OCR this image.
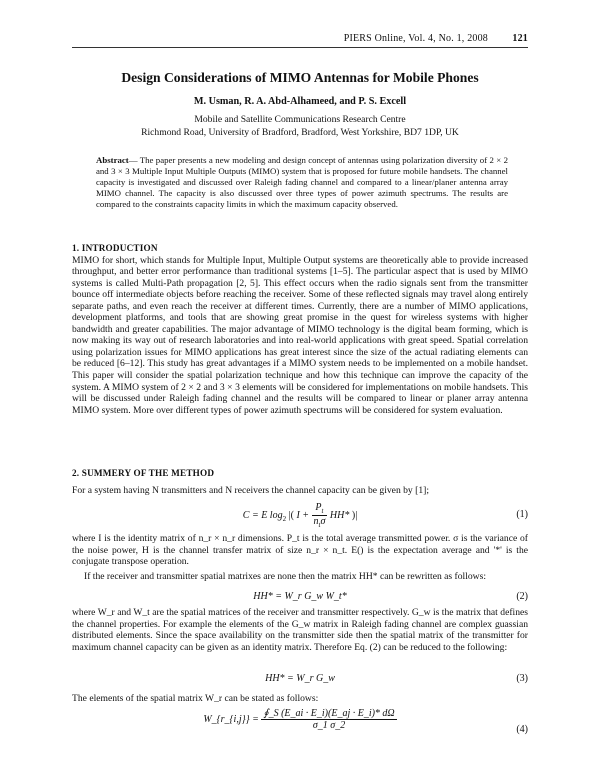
PIERS Online, Vol. 4, No. 1, 2008 121
Design Considerations of MIMO Antennas for Mobile Phones
M. Usman, R. A. Abd-Alhameed, and P. S. Excell
Mobile and Satellite Communications Research Centre
Richmond Road, University of Bradford, Bradford, West Yorkshire, BD7 1DP, UK
Abstract— The paper presents a new modeling and design concept of antennas using polarization diversity of 2 × 2 and 3 × 3 Multiple Input Multiple Outputs (MIMO) system that is proposed for future mobile handsets. The channel capacity is investigated and discussed over Raleigh fading channel and compared to a linear/planer antenna array MIMO channel. The capacity is also discussed over three types of power azimuth spectrums. The results are compared to the constraints capacity limits in which the maximum capacity observed.
1. INTRODUCTION
MIMO for short, which stands for Multiple Input, Multiple Output systems are theoretically able to provide increased throughput, and better error performance than traditional systems [1–5]. The particular aspect that is used by MIMO systems is called Multi-Path propagation [2, 5]. This effect occurs when the radio signals sent from the transmitter bounce off intermediate objects before reaching the receiver. Some of these reflected signals may travel along entirely separate paths, and even reach the receiver at different times. Currently, there are a number of MIMO applications, development platforms, and tools that are showing great promise in the quest for wireless systems with higher bandwidth and greater capabilities. The major advantage of MIMO technology is the digital beam forming, which is now making its way out of research laboratories and into real-world applications with great speed. Spatial correlation using polarization issues for MIMO applications has great interest since the size of the actual radiating elements can be reduced [6–12]. This study has great advantages if a MIMO system needs to be implemented on a mobile handset. This paper will consider the spatial polarization technique and how this technique can improve the capacity of the system. A MIMO system of 2 × 2 and 3 × 3 elements will be considered for implementations on mobile handsets. This will be discussed under Raleigh fading channel and the results will be compared to linear or planer array antenna MIMO system. More over different types of power azimuth spectrums will be considered for system evaluation.
2. SUMMERY OF THE METHOD
For a system having N transmitters and N receivers the channel capacity can be given by [1];
C = E $\log_2$ |( $I + \frac{P_t}{n_t\sigma} HH*$ )|	(1)
where I is the identity matrix of n_r × n_r dimensions. P_t is the total average transmitted power. σ is the variance of the noise power, H is the channel transfer matrix of size n_r × n_t. E() is the expectation average and '*' is the conjugate transpose operation.
If the receiver and transmitter spatial matrixes are none then the matrix HH* can be rewritten as follows:
HH* = W_r G_w W_t*	(2)
where W_r and W_t are the spatial matrices of the receiver and transmitter respectively. G_w is the matrix that defines the channel properties. For example the elements of the G_w matrix in Raleigh fading channel are complex guassian distributed elements. Since the space availability on the transmitter side then the spatial matrix of the transmitter for maximum channel capacity can be given as an identity matrix. Therefore Eq. (2) can be reduced to the following:
HH* = W_r G_w	(3)
The elements of the spatial matrix W_r can be stated as follows:
W_{r_{i,j}} = $\frac{∮\_S (E\_ai \cdot E\_i)(E\_aj \cdot E\_i)* d\Omega}{\sigma\_1 \sigma\_2}$	(4)
